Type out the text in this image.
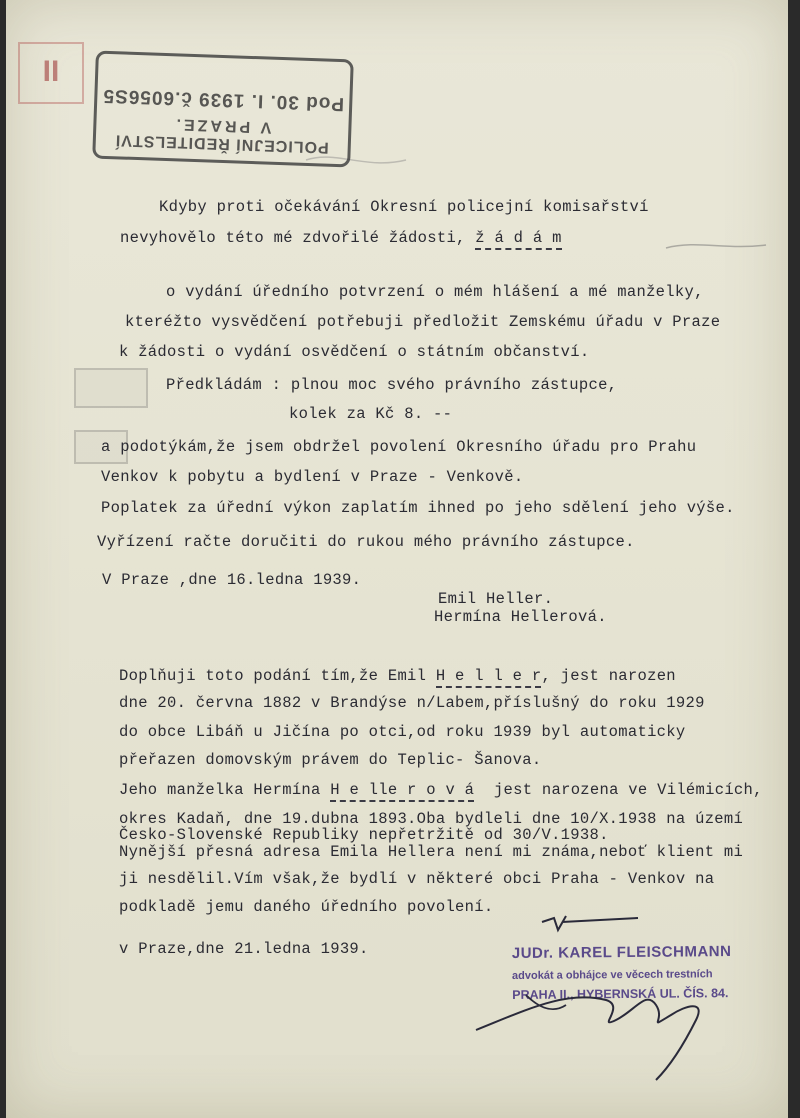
II
POLICEJNÍ ŘEDITELSTVÍ
V PRAZE.
Pod 30. I. 1939 č.6056S5
Kdyby proti očekávání Okresní policejní komisařství
nevyhovělo této mé zdvořilé žádosti, ž á d á m
o vydání úředního potvrzení o mém hlášení a mé manželky,
kteréžto vysvědčení potřebuji předložit Zemskému úřadu v Praze
k žádosti o vydání osvědčení o státním občanství.
Předkládám : plnou moc svého právního zástupce,
kolek za Kč 8. --
a podotýkám,že jsem obdržel povolení Okresního úřadu pro Prahu
Venkov k pobytu a bydlení v Praze - Venkově.
Poplatek za úřední výkon zaplatím ihned po jeho sdělení jeho výše.
Vyřízení račte doručiti do rukou mého právního zástupce.
V Praze ,dne 16.ledna 1939.
Emil Heller.
Hermína Hellerová.
Doplňuji toto podání tím,že Emil H e l l e r, jest narozen
dne 20. června 1882 v Brandýse n/Labem,příslušný do roku 1929
do obce Libáň u Jičína po otci,od roku 1939 byl automaticky
přeřazen domovským právem do Teplic- Šanova.
Jeho manželka Hermína H e lle r o v á jest narozena ve Vilémicích,
okres Kadaň, dne 19.dubna 1893.Oba bydleli dne 10/X.1938 na území
Česko-Slovenské Republiky nepřetržitě od 30/V.1938.
Nynější přesná adresa Emila Hellera není mi známa,neboť klient mi
ji nesdělil.Vím však,že bydlí v některé obci Praha - Venkov na
podkladě jemu daného úředního povolení.
v Praze,dne 21.ledna 1939.	JUDr. KAREL FLEISCHMANN
advokát a obhájce ve věcech trestních
PRAHA II., HYBERNSKÁ UL. ČÍS. 84.
